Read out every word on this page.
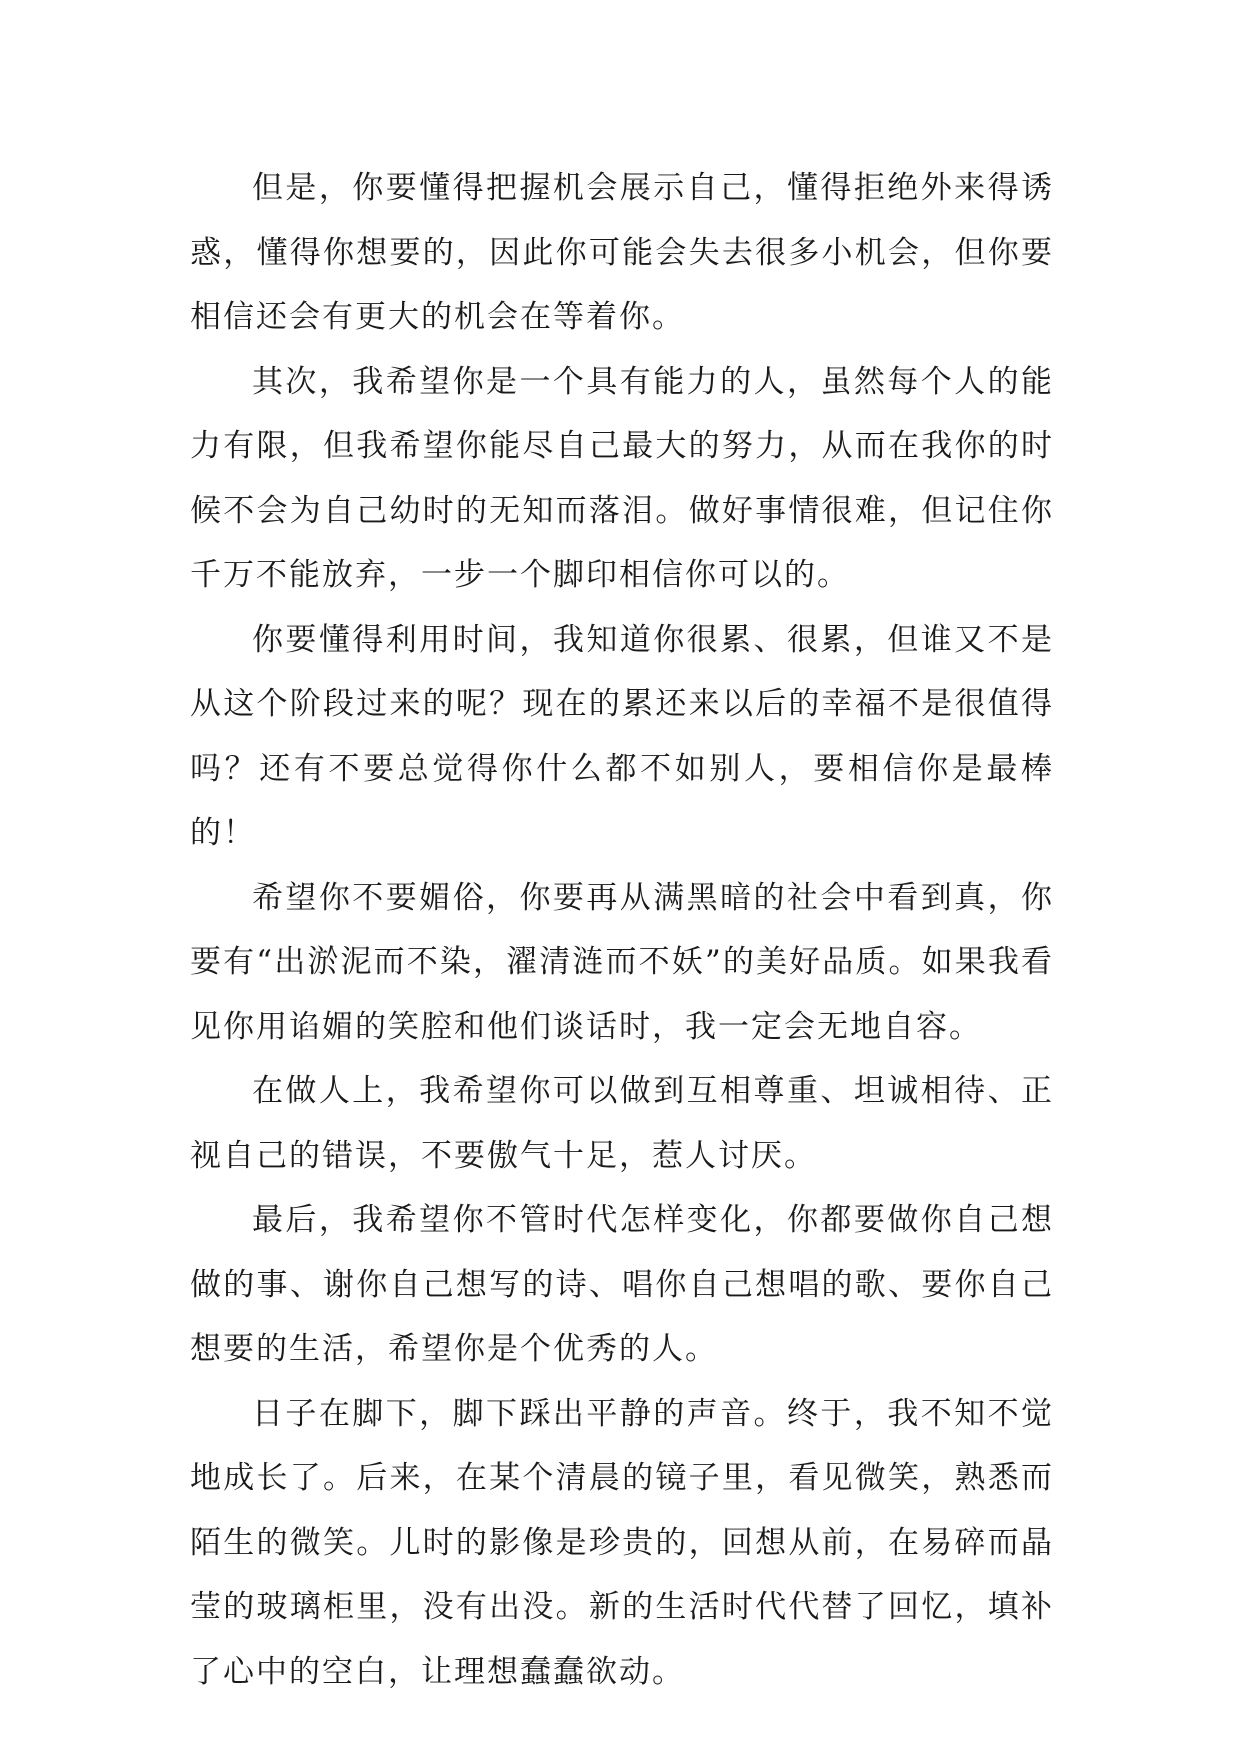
但是，你要懂得把握机会展示自己，懂得拒绝外来得诱惑，懂得你想要的，因此你可能会失去很多小机会，但你要相信还会有更大的机会在等着你。

其次，我希望你是一个具有能力的人，虽然每个人的能力有限，但我希望你能尽自己最大的努力，从而在我你的时候不会为自己幼时的无知而落泪。做好事情很难，但记住你千万不能放弃，一步一个脚印相信你可以的。

你要懂得利用时间，我知道你很累、很累，但谁又不是从这个阶段过来的呢？现在的累还来以后的幸福不是很值得吗？还有不要总觉得你什么都不如别人，要相信你是最棒的！

希望你不要媚俗，你要再从满黑暗的社会中看到真，你要有“出淤泥而不染，濯清涟而不妖”的美好品质。如果我看见你用谄媚的笑腔和他们谈话时，我一定会无地自容。

在做人上，我希望你可以做到互相尊重、坦诚相待、正视自己的错误，不要傲气十足，惹人讨厌。

最后，我希望你不管时代怎样变化，你都要做你自己想做的事、谢你自己想写的诗、唱你自己想唱的歌、要你自己想要的生活，希望你是个优秀的人。

日子在脚下，脚下踩出平静的声音。终于，我不知不觉地成长了。后来，在某个清晨的镜子里，看见微笑，熟悉而陌生的微笑。儿时的影像是珍贵的，回想从前，在易碎而晶莹的玻璃柜里，没有出没。新的生活时代代替了回忆，填补了心中的空白，让理想蠢蠢欲动。
